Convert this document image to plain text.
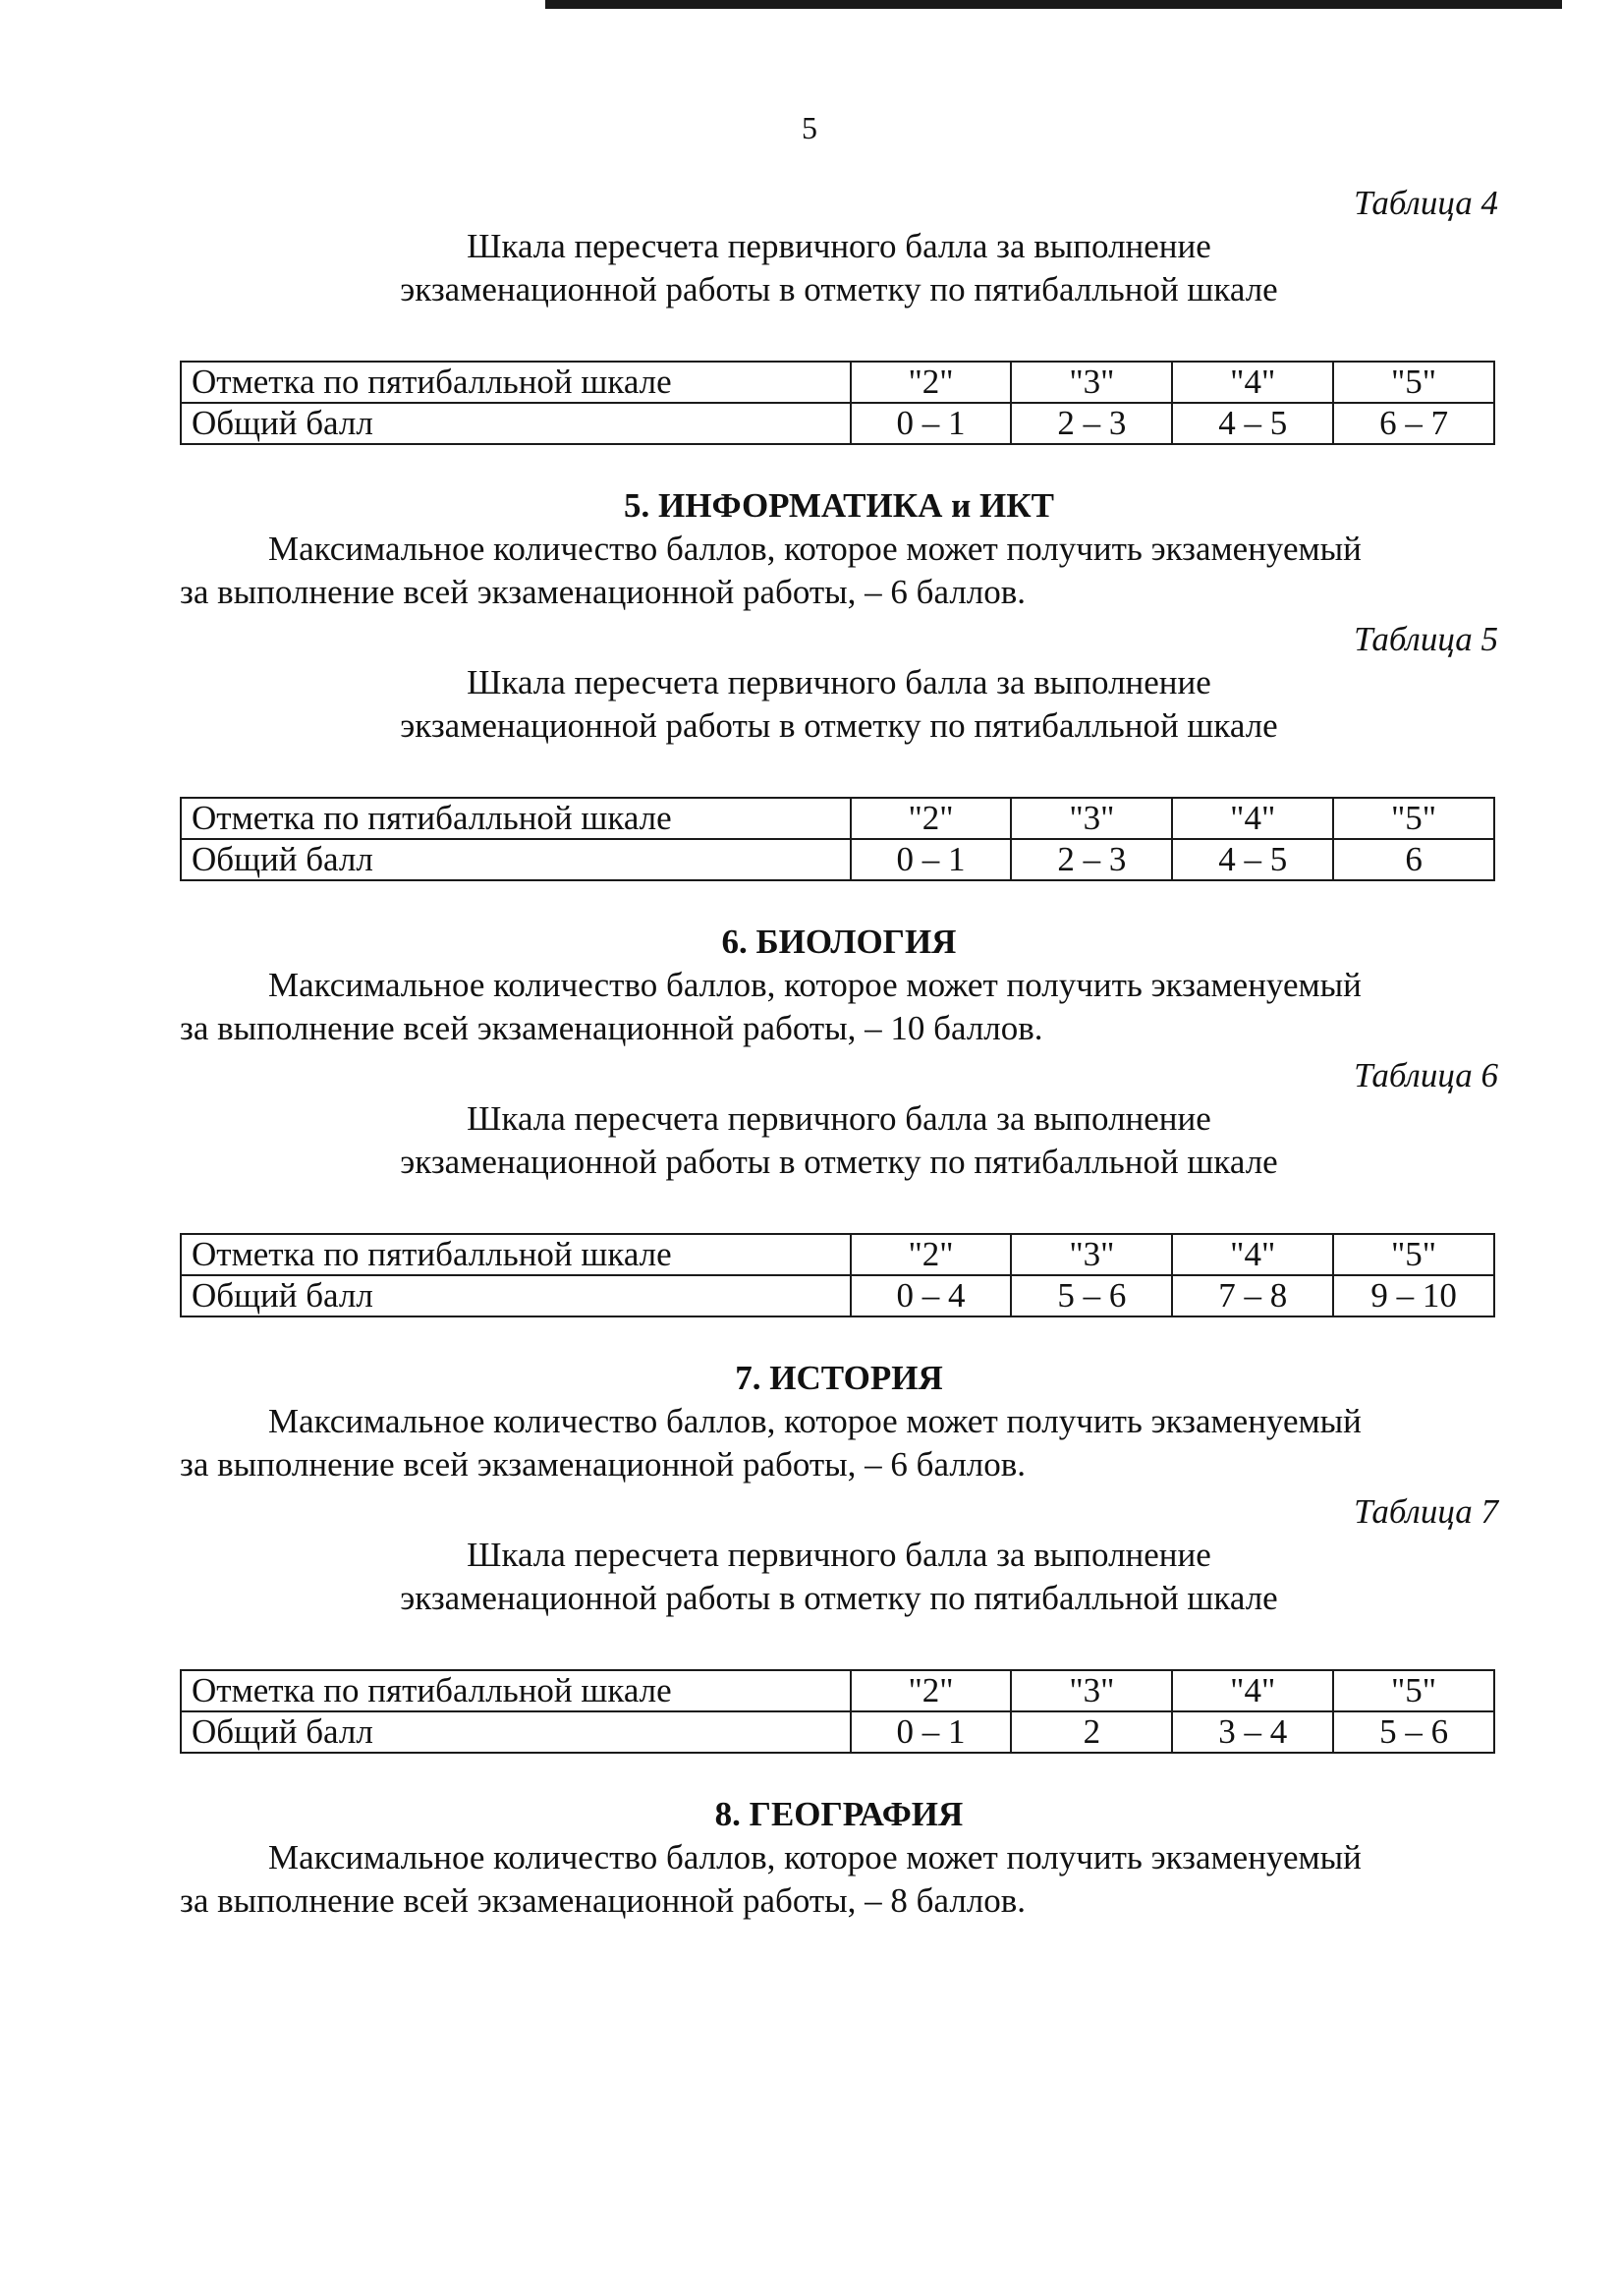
5
Таблица 4
Шкала пересчета первичного балла за выполнение
экзаменационной работы в отметку по пятибалльной шкале
Отметка по пятибалльной шкале	"2"	"3"	"4"	"5"
Общий балл	0 – 1	2 – 3	4 – 5	6 – 7
5. ИНФОРМАТИКА и ИКТ
Максимальное количество баллов, которое может получить экзаменуемый
за выполнение всей экзаменационной работы, – 6 баллов.
Таблица 5
Шкала пересчета первичного балла за выполнение
экзаменационной работы в отметку по пятибалльной шкале
Отметка по пятибалльной шкале	"2"	"3"	"4"	"5"
Общий балл	0 – 1	2 – 3	4 – 5	6
6. БИОЛОГИЯ
Максимальное количество баллов, которое может получить экзаменуемый
за выполнение всей экзаменационной работы, – 10 баллов.
Таблица 6
Шкала пересчета первичного балла за выполнение
экзаменационной работы в отметку по пятибалльной шкале
Отметка по пятибалльной шкале	"2"	"3"	"4"	"5"
Общий балл	0 – 4	5 – 6	7 – 8	9 – 10
7. ИСТОРИЯ
Максимальное количество баллов, которое может получить экзаменуемый
за выполнение всей экзаменационной работы, – 6 баллов.
Таблица 7
Шкала пересчета первичного балла за выполнение
экзаменационной работы в отметку по пятибалльной шкале
Отметка по пятибалльной шкале	"2"	"3"	"4"	"5"
Общий балл	0 – 1	2	3 – 4	5 – 6
8. ГЕОГРАФИЯ
Максимальное количество баллов, которое может получить экзаменуемый
за выполнение всей экзаменационной работы, – 8 баллов.
